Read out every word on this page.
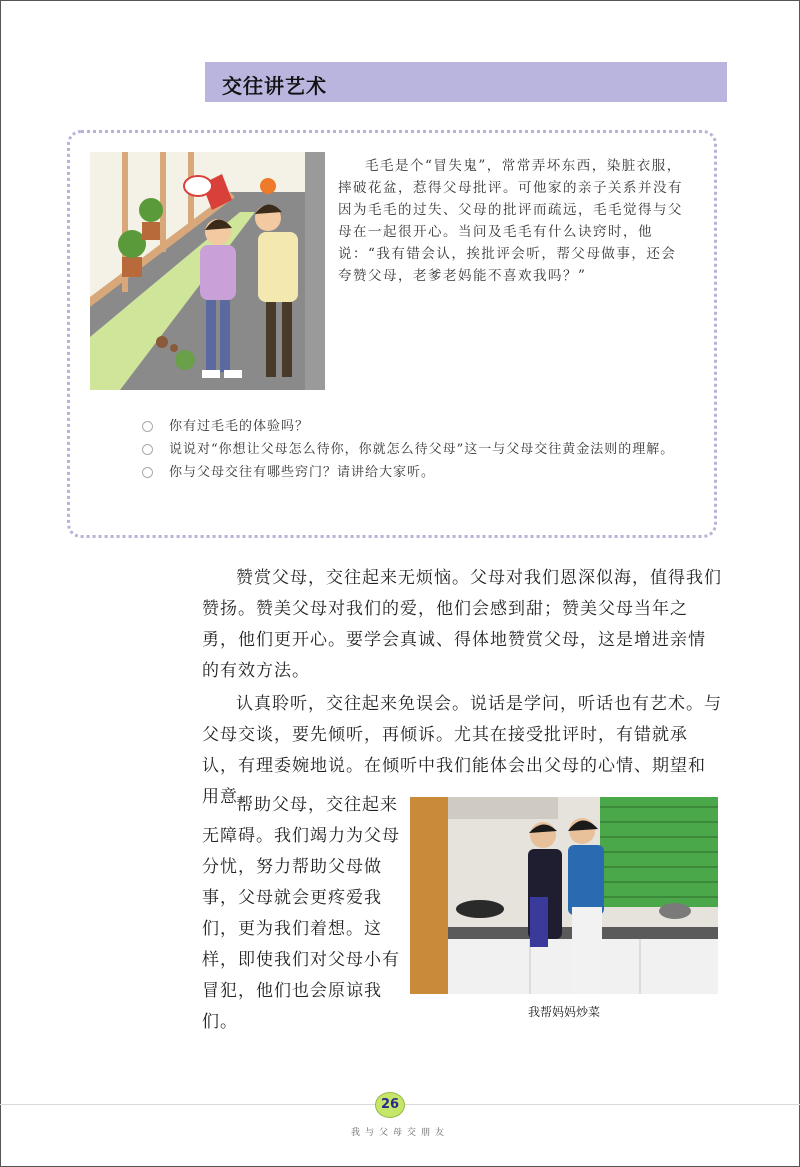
交往讲艺术

毛毛是个“冒失鬼”，常常弄坏东西，染脏衣服，摔破花盆，惹得父母批评。可他家的亲子关系并没有因为毛毛的过失、父母的批评而疏远，毛毛觉得与父母在一起很开心。当问及毛毛有什么诀窍时，他说：“我有错会认，挨批评会听，帮父母做事，还会夸赞父母，老爹老妈能不喜欢我吗？”

你有过毛毛的体验吗？

说说对“你想让父母怎么待你，你就怎么待父母”这一与父母交往黄金法则的理解。

你与父母交往有哪些窍门？请讲给大家听。

赞赏父母，交往起来无烦恼。父母对我们恩深似海，值得我们赞扬。赞美父母对我们的爱，他们会感到甜；赞美父母当年之勇，他们更开心。要学会真诚、得体地赞赏父母，这是增进亲情的有效方法。

认真聆听，交往起来免误会。说话是学问，听话也有艺术。与父母交谈，要先倾听，再倾诉。尤其在接受批评时，有错就承认，有理委婉地说。在倾听中我们能体会出父母的心情、期望和用意。

帮助父母，交往起来无障碍。我们竭力为父母分忧，努力帮助父母做事，父母就会更疼爱我们，更为我们着想。这样，即使我们对父母小有冒犯，他们也会原谅我们。	我帮妈妈炒菜
26
我与父母交朋友
